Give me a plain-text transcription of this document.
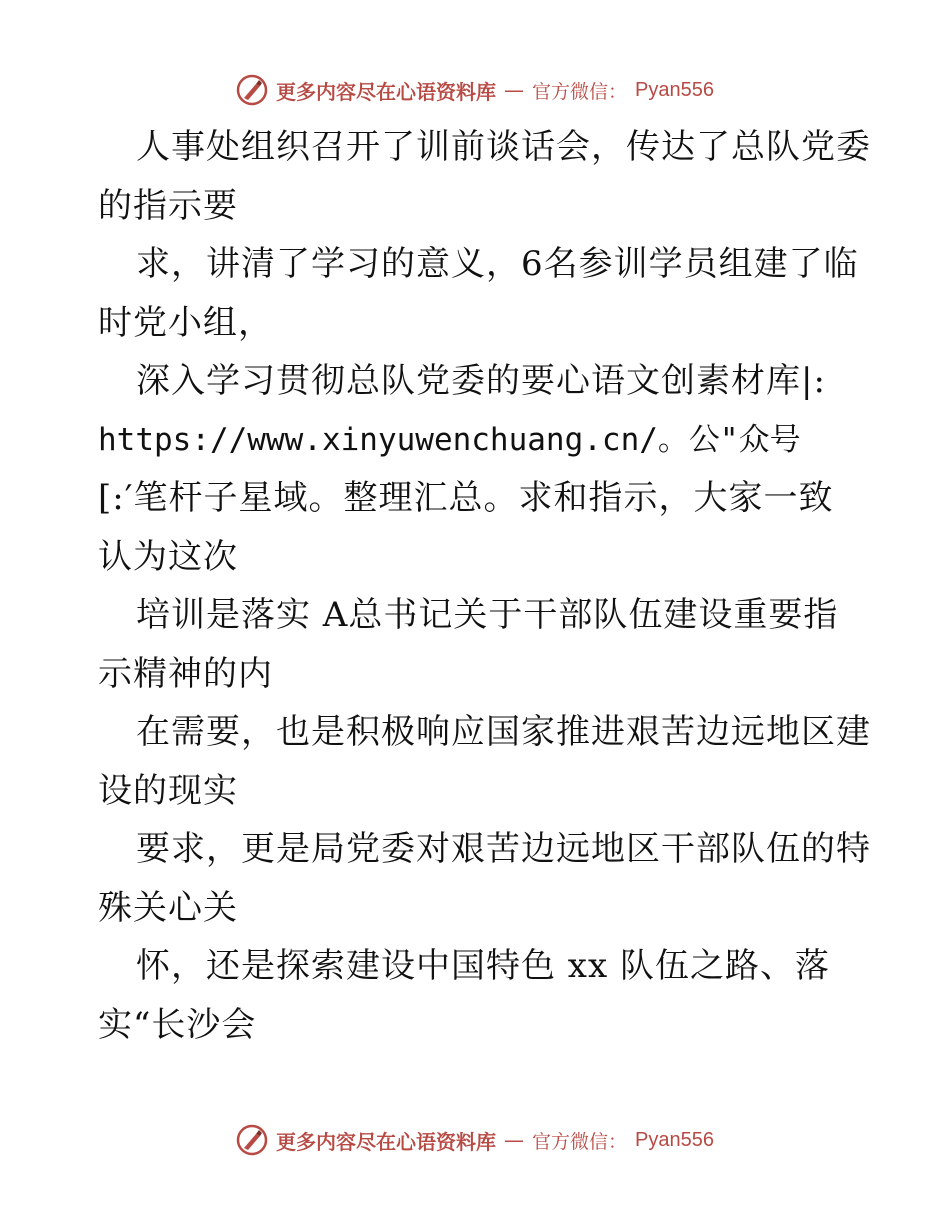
更多内容尽在心语资料库 — 官方微信： Pyan556
人事处组织召开了训前谈话会，传达了总队党委
的指示要
求，讲清了学习的意义，6名参训学员组建了临
时党小组，
深入学习贯彻总队党委的要心语文创素材库|:
https://www.xinyuwenchuang.cn/。公"众号
[:′笔杆子星域。整理汇总。求和指示，大家一致
认为这次
培训是落实 A总书记关于干部队伍建设重要指
示精神的内
在需要，也是积极响应国家推进艰苦边远地区建
设的现实
要求，更是局党委对艰苦边远地区干部队伍的特
殊关心关
怀，还是探索建设中国特色 xx 队伍之路、落
实“长沙会
更多内容尽在心语资料库 — 官方微信： Pyan556
